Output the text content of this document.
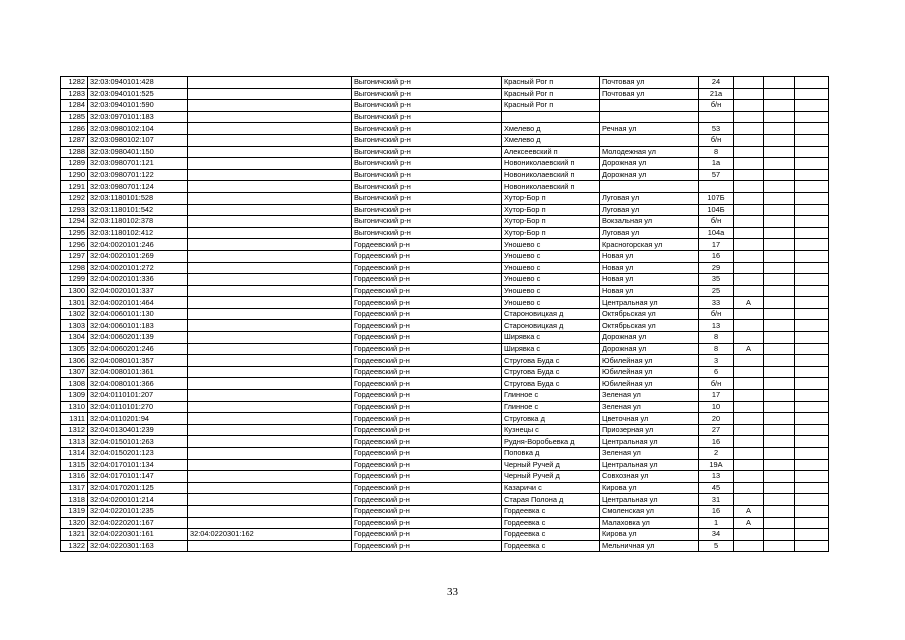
1282	32:03:0940101:428		Выгоничский р-н	Красный Рог п	Почтовая ул	24			
1283	32:03:0940101:525		Выгоничский р-н	Красный Рог п	Почтовая ул	21а			
1284	32:03:0940101:590		Выгоничский р-н	Красный Рог п		б/н			
1285	32:03:0970101:183		Выгоничский р-н						
1286	32:03:0980102:104		Выгоничский р-н	Хмелево д	Речная ул	53			
1287	32:03:0980102:107		Выгоничский р-н	Хмелево д		б/н			
1288	32:03:0980401:150		Выгоничский р-н	Алексеевский п	Молодежная ул	8			
1289	32:03:0980701:121		Выгоничский р-н	Новониколаевский п	Дорожная ул	1а			
1290	32:03:0980701:122		Выгоничский р-н	Новониколаевский п	Дорожная ул	57			
1291	32:03:0980701:124		Выгоничский р-н	Новониколаевский п					
1292	32:03:1180101:528		Выгоничский р-н	Хутор-Бор п	Луговая ул	107Б			
1293	32:03:1180101:542		Выгоничский р-н	Хутор-Бор п	Луговая ул	104Б			
1294	32:03:1180102:378		Выгоничский р-н	Хутор-Бор п	Вокзальная ул	б/н			
1295	32:03:1180102:412		Выгоничский р-н	Хутор-Бор п	Луговая ул	104а			
1296	32:04:0020101:246		Гордеевский р-н	Уношево с	Красногорская ул	17			
1297	32:04:0020101:269		Гордеевский р-н	Уношево с	Новая ул	16			
1298	32:04:0020101:272		Гордеевский р-н	Уношево с	Новая ул	29			
1299	32:04:0020101:336		Гордеевский р-н	Уношево с	Новая ул	35			
1300	32:04:0020101:337		Гордеевский р-н	Уношево с	Новая ул	25			
1301	32:04:0020101:464		Гордеевский р-н	Уношево с	Центральная ул	33	А		
1302	32:04:0060101:130		Гордеевский р-н	Староновицкая д	Октябрьская ул	б/н			
1303	32:04:0060101:183		Гордеевский р-н	Староновицкая д	Октябрьская ул	13			
1304	32:04:0060201:139		Гордеевский р-н	Ширявка с	Дорожная ул	8			
1305	32:04:0060201:246		Гордеевский р-н	Ширявка с	Дорожная ул	8	А		
1306	32:04:0080101:357		Гордеевский р-н	Стругова Буда с	Юбилейная ул	3			
1307	32:04:0080101:361		Гордеевский р-н	Стругова Буда с	Юбилейная ул	6			
1308	32:04:0080101:366		Гордеевский р-н	Стругова Буда с	Юбилейная ул	б/н			
1309	32:04:0110101:207		Гордеевский р-н	Глинное с	Зеленая ул	17			
1310	32:04:0110101:270		Гордеевский р-н	Глинное с	Зеленая ул	10			
1311	32:04:0110201:94		Гордеевский р-н	Струговка д	Цветочная ул	20			
1312	32:04:0130401:239		Гордеевский р-н	Кузнецы с	Приозерная ул	27			
1313	32:04:0150101:263		Гордеевский р-н	Рудня-Воробьевка д	Центральная ул	16			
1314	32:04:0150201:123		Гордеевский р-н	Поповка д	Зеленая ул	2			
1315	32:04:0170101:134		Гордеевский р-н	Черный Ручей д	Центральная ул	19А			
1316	32:04:0170101:147		Гордеевский р-н	Черный Ручей д	Совхозная ул	13			
1317	32:04:0170201:125		Гордеевский р-н	Казаричи с	Кирова ул	45			
1318	32:04:0200101:214		Гордеевский р-н	Старая Полона д	Центральная ул	31			
1319	32:04:0220101:235		Гордеевский р-н	Гордеевка с	Смоленская ул	16	А		
1320	32:04:0220201:167		Гордеевский р-н	Гордеевка с	Малаховка ул	1	А		
1321	32:04:0220301:161	32:04:0220301:162	Гордеевский р-н	Гордеевка с	Кирова ул	34			
1322	32:04:0220301:163		Гордеевский р-н	Гордеевка с	Мельничная ул	5			
33
